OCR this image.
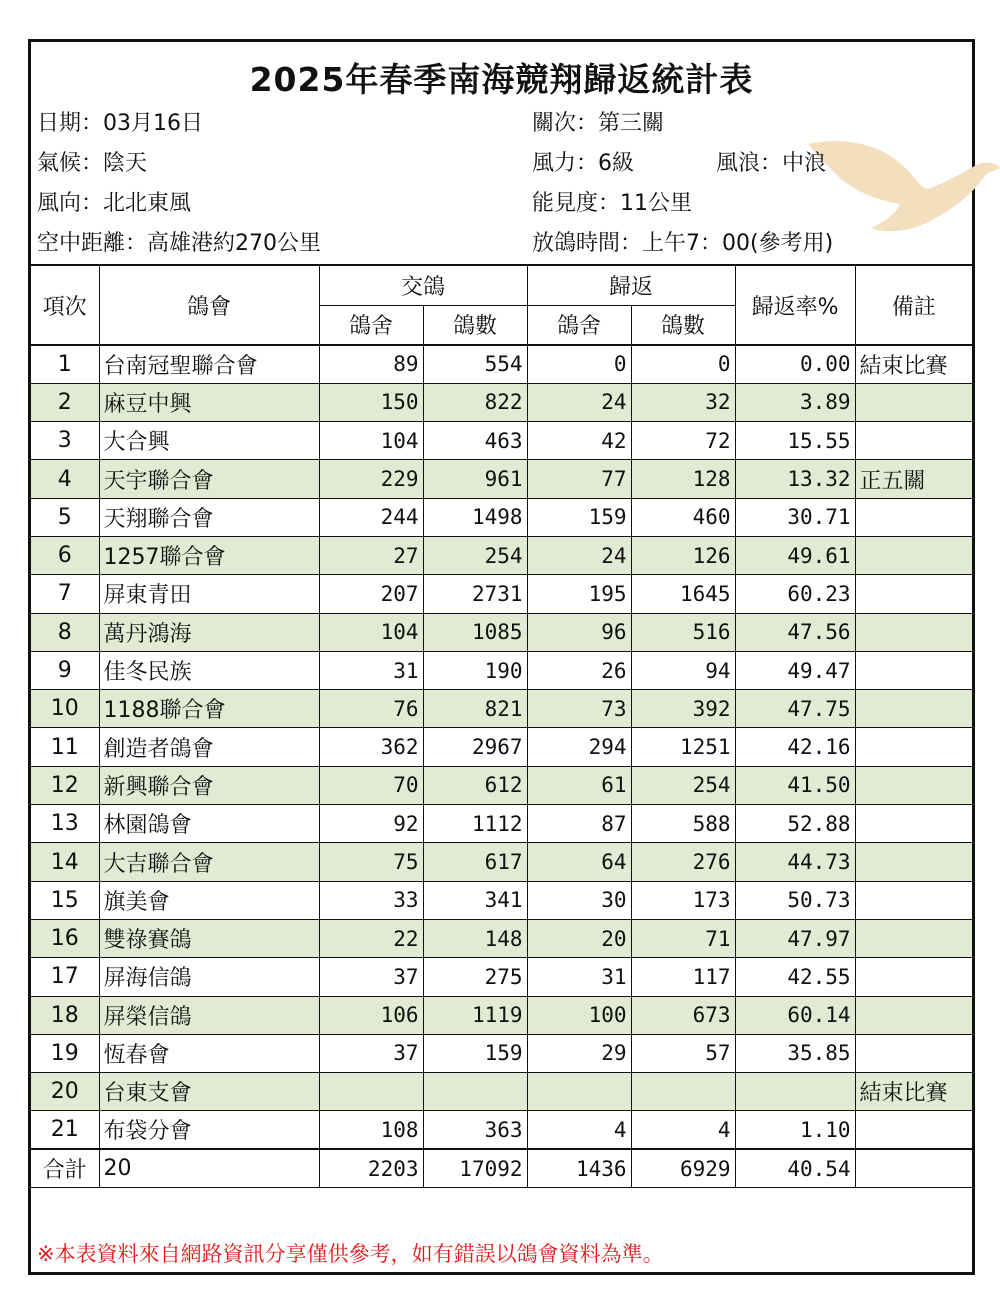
2025年春季南海競翔歸返統計表
日期：03月16日	關次：第三關
氣候：陰天	風力：6級	風浪：中浪
風向：北北東風	能見度：11公里
空中距離：高雄港約270公里	放鴿時間：上午7：00(參考用)
項次	鴿會	交鴿		歸返		歸返率%	備註
		鴿舍	鴿數	鴿舍	鴿數		
1	台南冠聖聯合會	89	554	0	0	0.00	結束比賽
2	麻豆中興	150	822	24	32	3.89	
3	大合興	104	463	42	72	15.55	
4	天宇聯合會	229	961	77	128	13.32	正五關
5	天翔聯合會	244	1498	159	460	30.71	
6	1257聯合會	27	254	24	126	49.61	
7	屏東青田	207	2731	195	1645	60.23	
8	萬丹鴻海	104	1085	96	516	47.56	
9	佳冬民族	31	190	26	94	49.47	
10	1188聯合會	76	821	73	392	47.75	
11	創造者鴿會	362	2967	294	1251	42.16	
12	新興聯合會	70	612	61	254	41.50	
13	林園鴿會	92	1112	87	588	52.88	
14	大吉聯合會	75	617	64	276	44.73	
15	旗美會	33	341	30	173	50.73	
16	雙祿賽鴿	22	148	20	71	47.97	
17	屏海信鴿	37	275	31	117	42.55	
18	屏榮信鴿	106	1119	100	673	60.14	
19	恆春會	37	159	29	57	35.85	
20	台東支會						結束比賽
21	布袋分會	108	363	4	4	1.10	
合計	20	2203	17092	1436	6929	40.54	
※本表資料來自網路資訊分享僅供參考，如有錯誤以鴿會資料為準。
